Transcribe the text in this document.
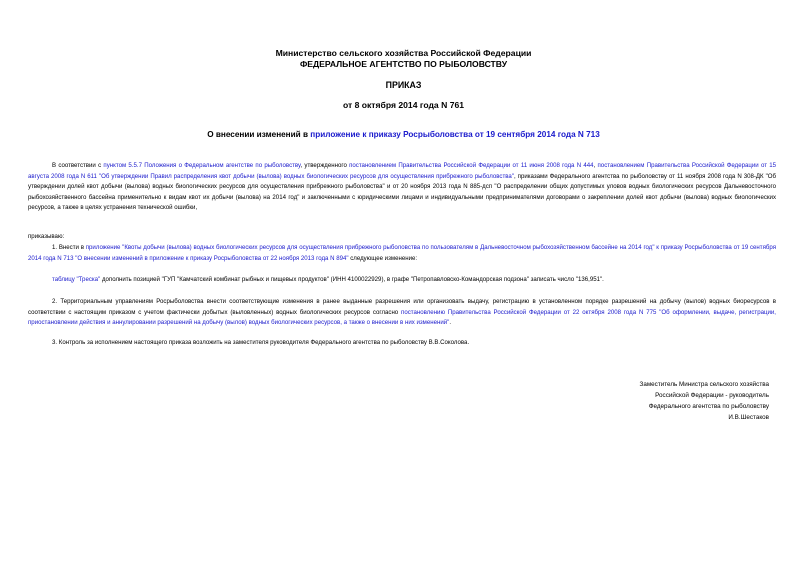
Министерство сельского хозяйства Российской Федерации
ФЕДЕРАЛЬНОЕ АГЕНТСТВО ПО РЫБОЛОВСТВУ
ПРИКАЗ
от 8 октября 2014 года N 761
О внесении изменений в приложение к приказу Росрыболовства от 19 сентября 2014 года N 713
В соответствии с пунктом 5.5.7 Положения о Федеральном агентстве по рыболовству, утвержденного постановлением Правительства Российской Федерации от 11 июня 2008 года N 444, постановлением Правительства Российской Федерации от 15 августа 2008 года N 611 "Об утверждении Правил распределения квот добычи (вылова) водных биологических ресурсов для осуществления прибрежного рыболовства", приказами Федерального агентства по рыболовству от 11 ноября 2008 года N 308-ДК "Об утверждении долей квот добычи (вылова) водных биологических ресурсов для осуществления прибрежного рыболовства" и от 20 ноября 2013 года N 885-дсп "О распределении общих допустимых уловов водных биологических ресурсов Дальневосточного рыбохозяйственного бассейна применительно к видам квот их добычи (вылова) на 2014 год" и заключенными с юридическими лицами и индивидуальными предпринимателями договорами о закреплении долей квот добычи (вылова) водных биологических ресурсов, а также в целях устранения технической ошибки,
приказываю:
1. Внести в приложение "Квоты добычи (вылова) водных биологических ресурсов для осуществления прибрежного рыболовства по пользователям в Дальневосточном рыбохозяйственном бассейне на 2014 год" к приказу Росрыболовства от 19 сентября 2014 года N 713 "О внесении изменений в приложение к приказу Росрыболовства от 22 ноября 2013 года N 894" следующее изменение:
таблицу "Треска" дополнить позицией "ГУП "Камчатский комбинат рыбных и пищевых продуктов" (ИНН 4100022929), в графе "Петропавловско-Командорская подзона" записать число "136,951".
2. Территориальным управлениям Росрыболовства внести соответствующие изменения в ранее выданные разрешения или организовать выдачу, регистрацию в установленном порядке разрешений на добычу (вылов) водных биоресурсов в соответствии с настоящим приказом с учетом фактически добытых (выловленных) водных биологических ресурсов согласно постановлению Правительства Российской Федерации от 22 октября 2008 года N 775 "Об оформлении, выдаче, регистрации, приостановлении действия и аннулировании разрешений на добычу (вылов) водных биологических ресурсов, а также о внесении в них изменений".
3. Контроль за исполнением настоящего приказа возложить на заместителя руководителя Федерального агентства по рыболовству В.В.Соколова.
Заместитель Министра сельского хозяйства
Российской Федерации - руководитель
Федерального агентства по рыболовству
И.В.Шестаков
